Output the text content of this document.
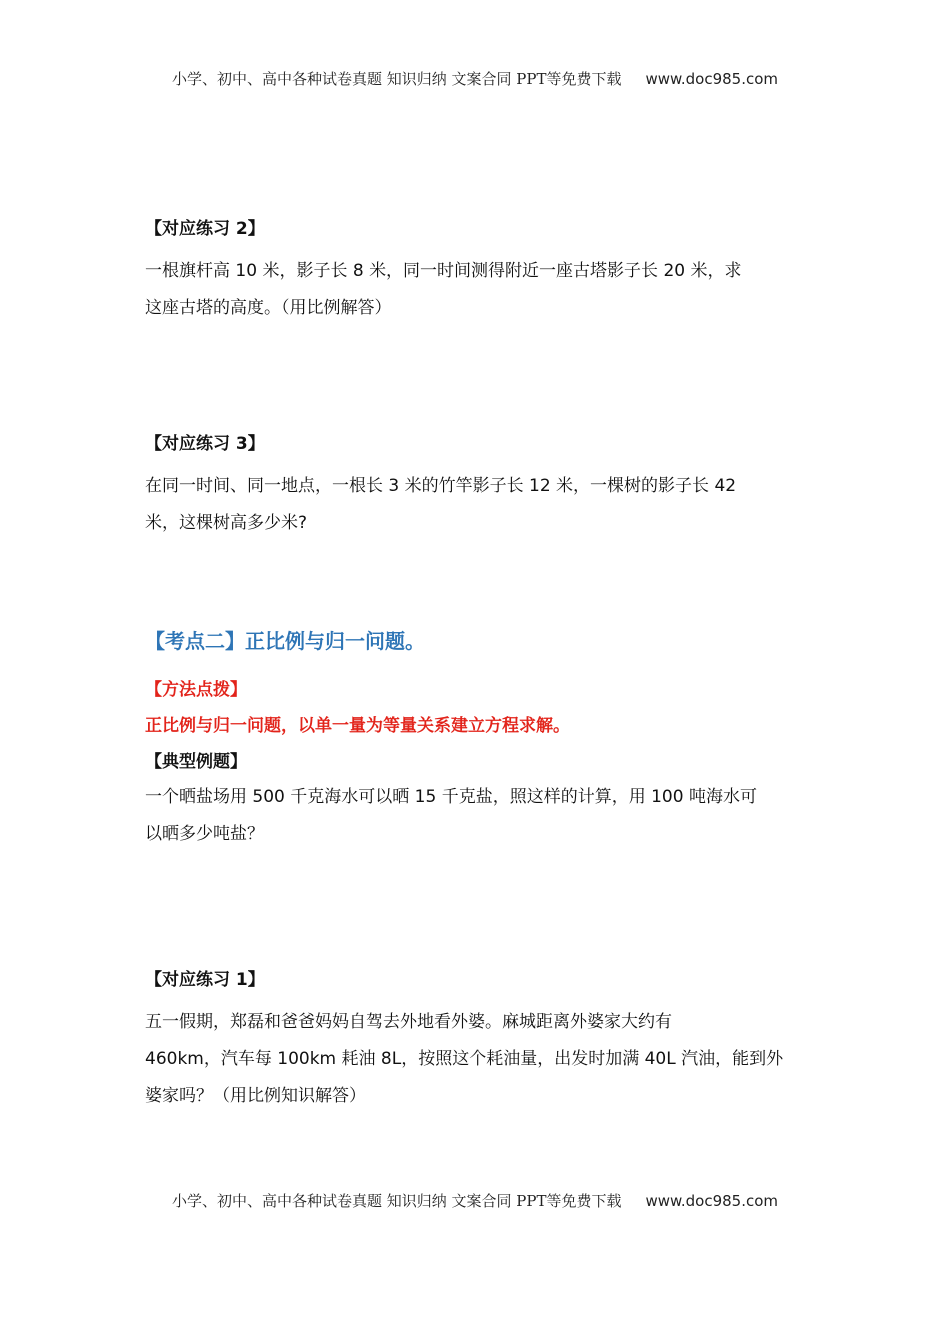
小学、初中、高中各种试卷真题 知识归纳 文案合同 PPT等免费下载 www.doc985.com
【对应练习 2】
一根旗杆高 10 米，影子长 8 米，同一时间测得附近一座古塔影子长 20 米，求
这座古塔的高度。（用比例解答）
【对应练习 3】
在同一时间、同一地点，一根长 3 米的竹竿影子长 12 米，一棵树的影子长 42
米，这棵树高多少米?
【考点二】正比例与归一问题。
【方法点拨】
正比例与归一问题，以单一量为等量关系建立方程求解。
【典型例题】
一个晒盐场用 500 千克海水可以晒 15 千克盐，照这样的计算，用 100 吨海水可
以晒多少吨盐？
【对应练习 1】
五一假期，郑磊和爸爸妈妈自驾去外地看外婆。麻城距离外婆家大约有
460km，汽车每 100km 耗油 8L，按照这个耗油量，出发时加满 40L 汽油，能到外
婆家吗？（用比例知识解答）
小学、初中、高中各种试卷真题 知识归纳 文案合同 PPT等免费下载 www.doc985.com
